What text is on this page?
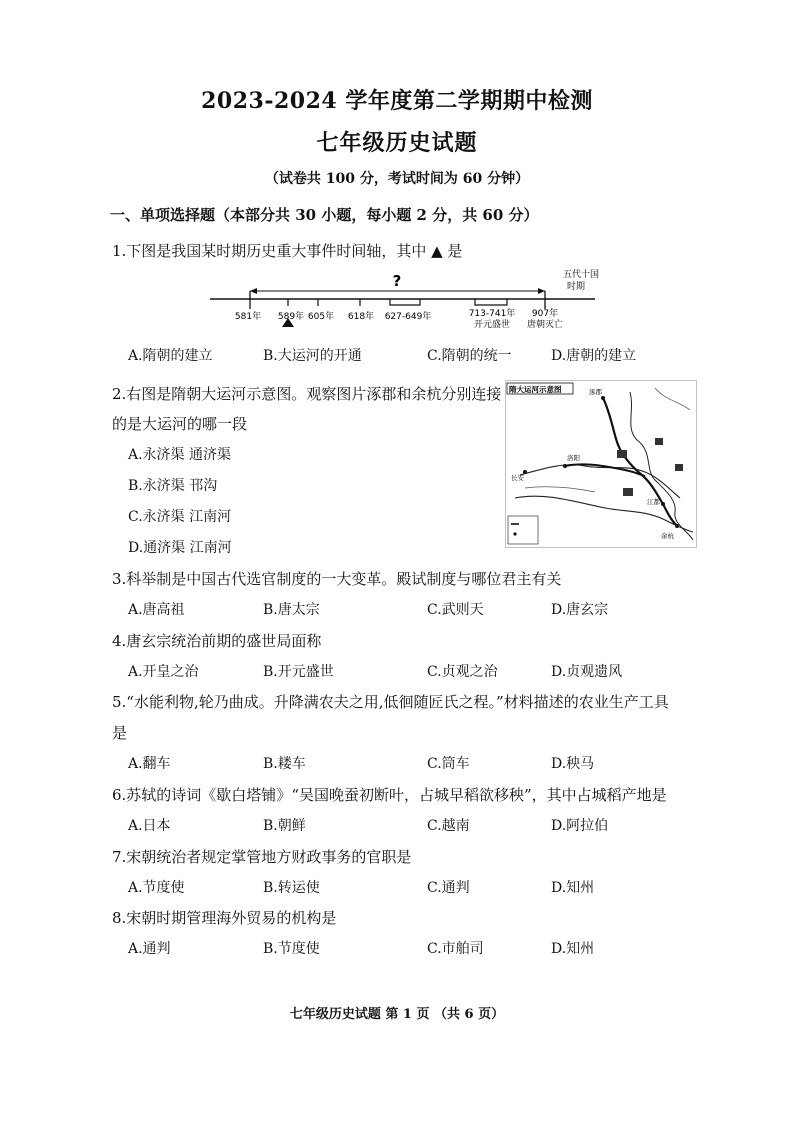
2023-2024 学年度第二学期期中检测
七年级历史试题
（试卷共 100 分，考试时间为 60 分钟）
一、单项选择题（本部分共 30 小题，每小题 2 分，共 60 分）
1.下图是我国某时期历史重大事件时间轴，其中 ▲ 是
?	五代十国
时期
581年 589年 605年 618年 627-649年	713-741年 907年
开元盛世 唐朝灭亡
A.隋朝的建立	B.大运河的开通	C.隋朝的统一	D.唐朝的建立
2.右图是隋朝大运河示意图。观察图片涿郡和余杭分别连接
的是大运河的哪一段
A.永济渠 通济渠
B.永济渠 邗沟
C.永济渠 江南河
D.通济渠 江南河
隋大运河示意图	涿郡
洛阳
江都
余杭
长安
3.科举制是中国古代选官制度的一大变革。殿试制度与哪位君主有关
A.唐高祖	B.唐太宗	C.武则天	D.唐玄宗
4.唐玄宗统治前期的盛世局面称
A.开皇之治	B.开元盛世	C.贞观之治	D.贞观遗风
5.“水能利物,轮乃曲成。升降满农夫之用,低徊随匠氏之程。”材料描述的农业生产工具
是
A.翻车	B.耧车	C.筒车	D.秧马
6.苏轼的诗词《歇白塔铺》“吴国晚蚕初断叶，占城早稻欲移秧”，其中占城稻产地是
A.日本	B.朝鲜	C.越南	D.阿拉伯
7.宋朝统治者规定掌管地方财政事务的官职是
A.节度使	B.转运使	C.通判	D.知州
8.宋朝时期管理海外贸易的机构是
A.通判	B.节度使	C.市舶司	D.知州
七年级历史试题 第 1 页 （共 6 页）
